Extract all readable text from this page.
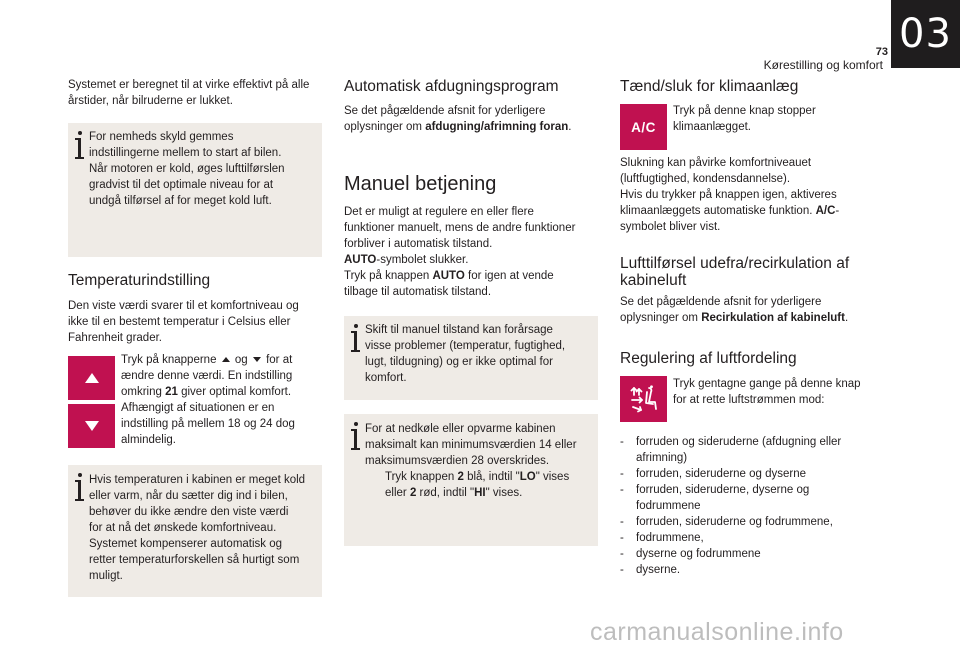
73
Kørestilling og komfort
03
Systemet er beregnet til at virke effektivt på alle årstider, når bilruderne er lukket.
For nemheds skyld gemmes
indstillingerne mellem to start af bilen.
Når motoren er kold, øges lufttilførslen
gradvist til det optimale niveau for at
undgå tilførsel af for meget kold luft.
Temperaturindstilling
Den viste værdi svarer til et komfortniveau og
ikke til en bestemt temperatur i Celsius eller
Fahrenheit grader.
Tryk på knapperne og for at
ændre denne værdi. En indstilling
omkring 21 giver optimal komfort.
Afhængigt af situationen er en
indstilling på mellem 18 og 24 dog
almindelig.
Hvis temperaturen i kabinen er meget kold
eller varm, når du sætter dig ind i bilen,
behøver du ikke ændre den viste værdi
for at nå det ønskede komfortniveau.
Systemet kompenserer automatisk og
retter temperaturforskellen så hurtigt som
muligt.
Automatisk afdugningsprogram
Se det pågældende afsnit for yderligere
oplysninger om afdugning/afrimning foran.
Manuel betjening
Det er muligt at regulere en eller flere
funktioner manuelt, mens de andre funktioner
forbliver i automatisk tilstand.
AUTO-symbolet slukker.
Tryk på knappen AUTO for igen at vende
tilbage til automatisk tilstand.
Skift til manuel tilstand kan forårsage
visse problemer (temperatur, fugtighed,
lugt, tildugning) og er ikke optimal for
komfort.
For at nedkøle eller opvarme kabinen
maksimalt kan minimumsværdien 14 eller
maksimumsværdien 28 overskrides.
Tryk knappen 2 blå, indtil "LO" vises
eller 2 rød, indtil "HI" vises.
Tænd/sluk for klimaanlæg
A/C
Tryk på denne knap stopper
klimaanlægget.
Slukning kan påvirke komfortniveauet
(luftfugtighed, kondensdannelse).
Hvis du trykker på knappen igen, aktiveres
klimaanlæggets automatiske funktion. A/C-
symbolet bliver vist.
Lufttilførsel udefra/recirkulation af
kabineluft
Se det pågældende afsnit for yderligere
oplysninger om Recirkulation af kabineluft.
Regulering af luftfordeling
Tryk gentagne gange på denne knap
for at rette luftstrømmen mod:
- forruden og sideruderne (afdugning eller
afrimning)
- forruden, sideruderne og dyserne
- forruden, sideruderne, dyserne og
fodrummene
- forruden, sideruderne og fodrummene,
- fodrummene,
- dyserne og fodrummene
- dyserne.
carmanualsonline.info
